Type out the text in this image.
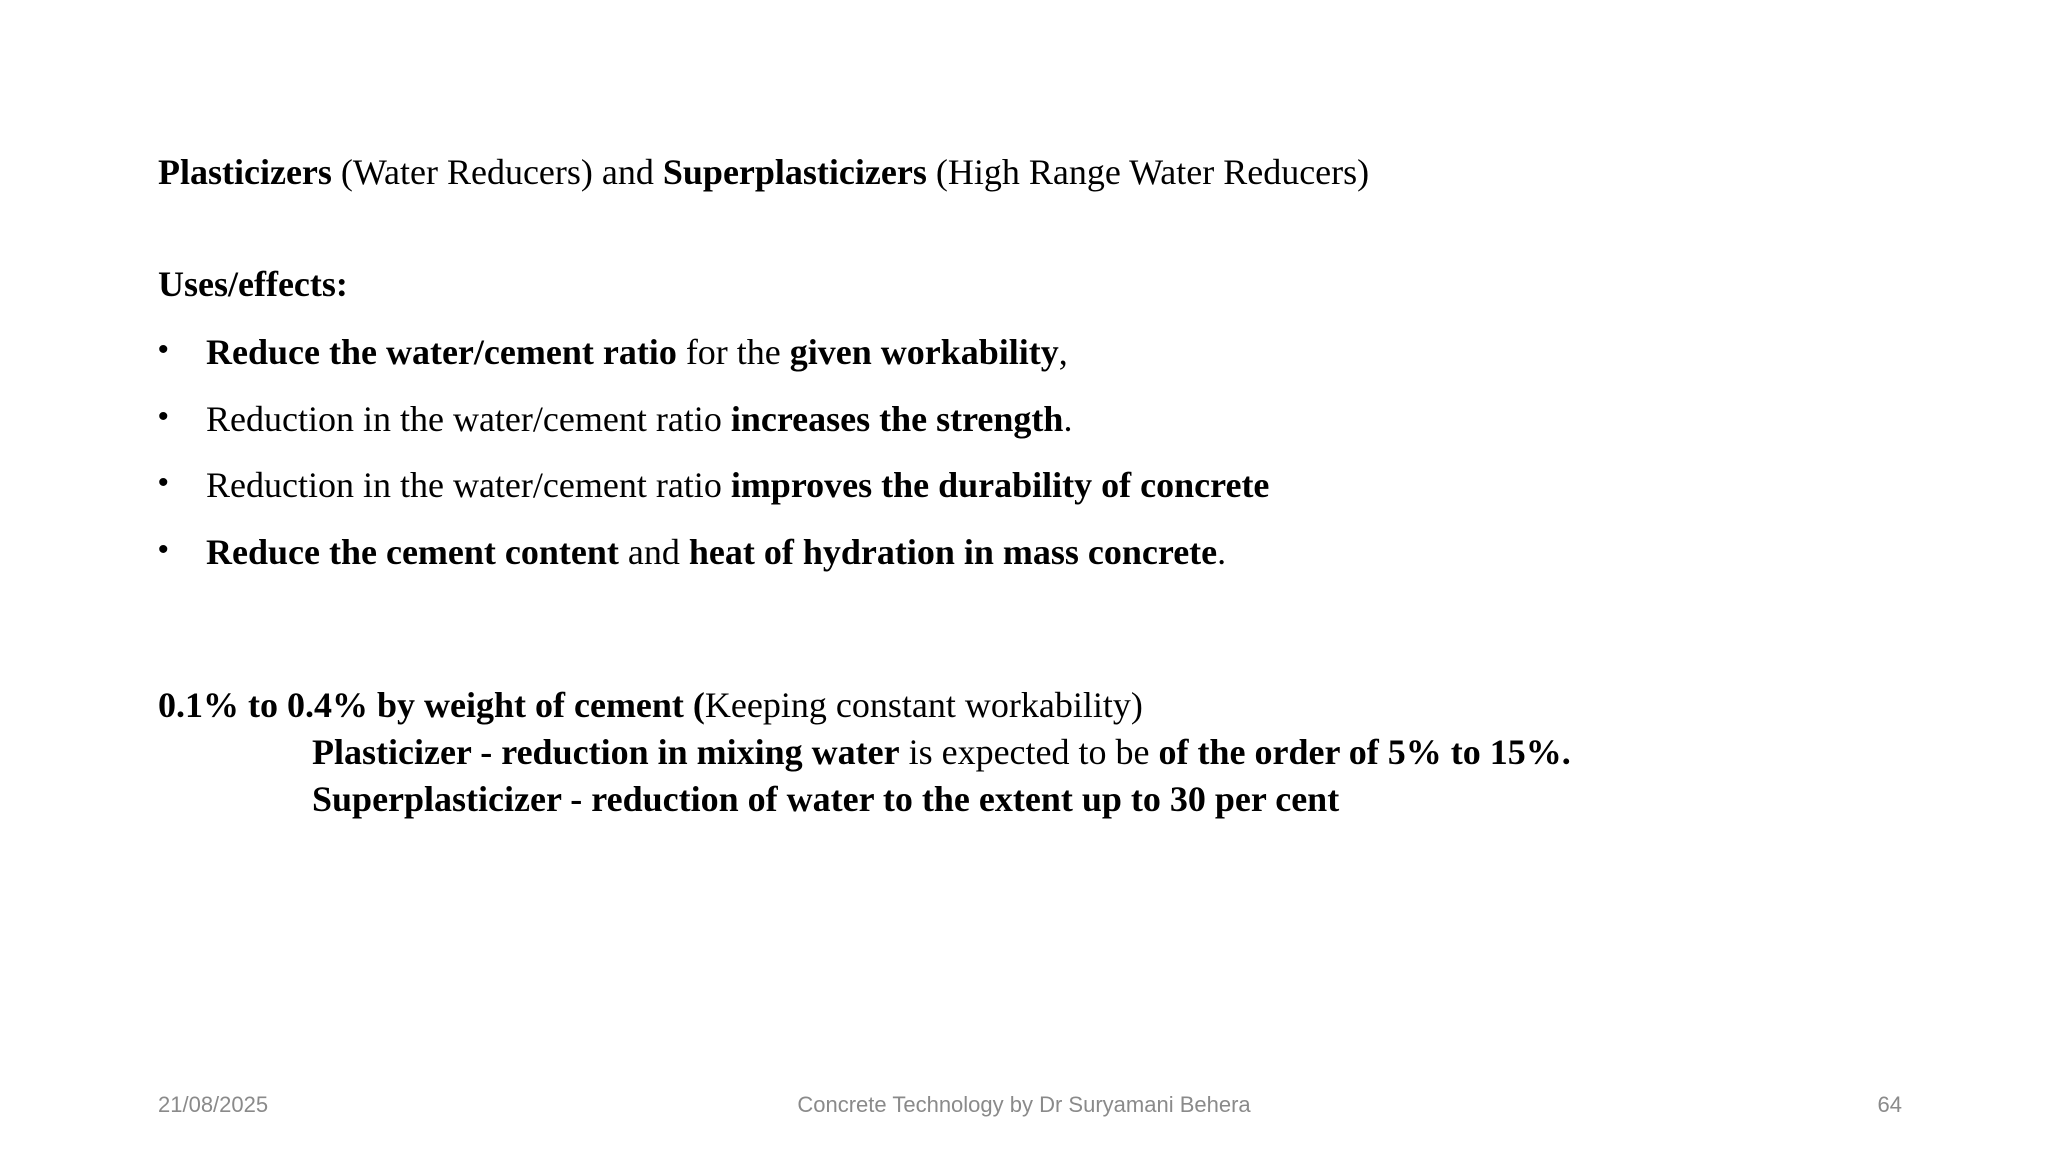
Plasticizers (Water Reducers) and Superplasticizers (High Range Water Reducers)
Uses/effects:
• Reduce the water/cement ratio for the given workability,
• Reduction in the water/cement ratio increases the strength.
• Reduction in the water/cement ratio improves the durability of concrete
• Reduce the cement content and heat of hydration in mass concrete.
0.1% to 0.4% by weight of cement (Keeping constant workability)
Plasticizer - reduction in mixing water is expected to be of the order of 5% to 15%.
Superplasticizer - reduction of water to the extent up to 30 per cent
Concrete Technology by Dr Suryamani Behera
21/08/2025	64
